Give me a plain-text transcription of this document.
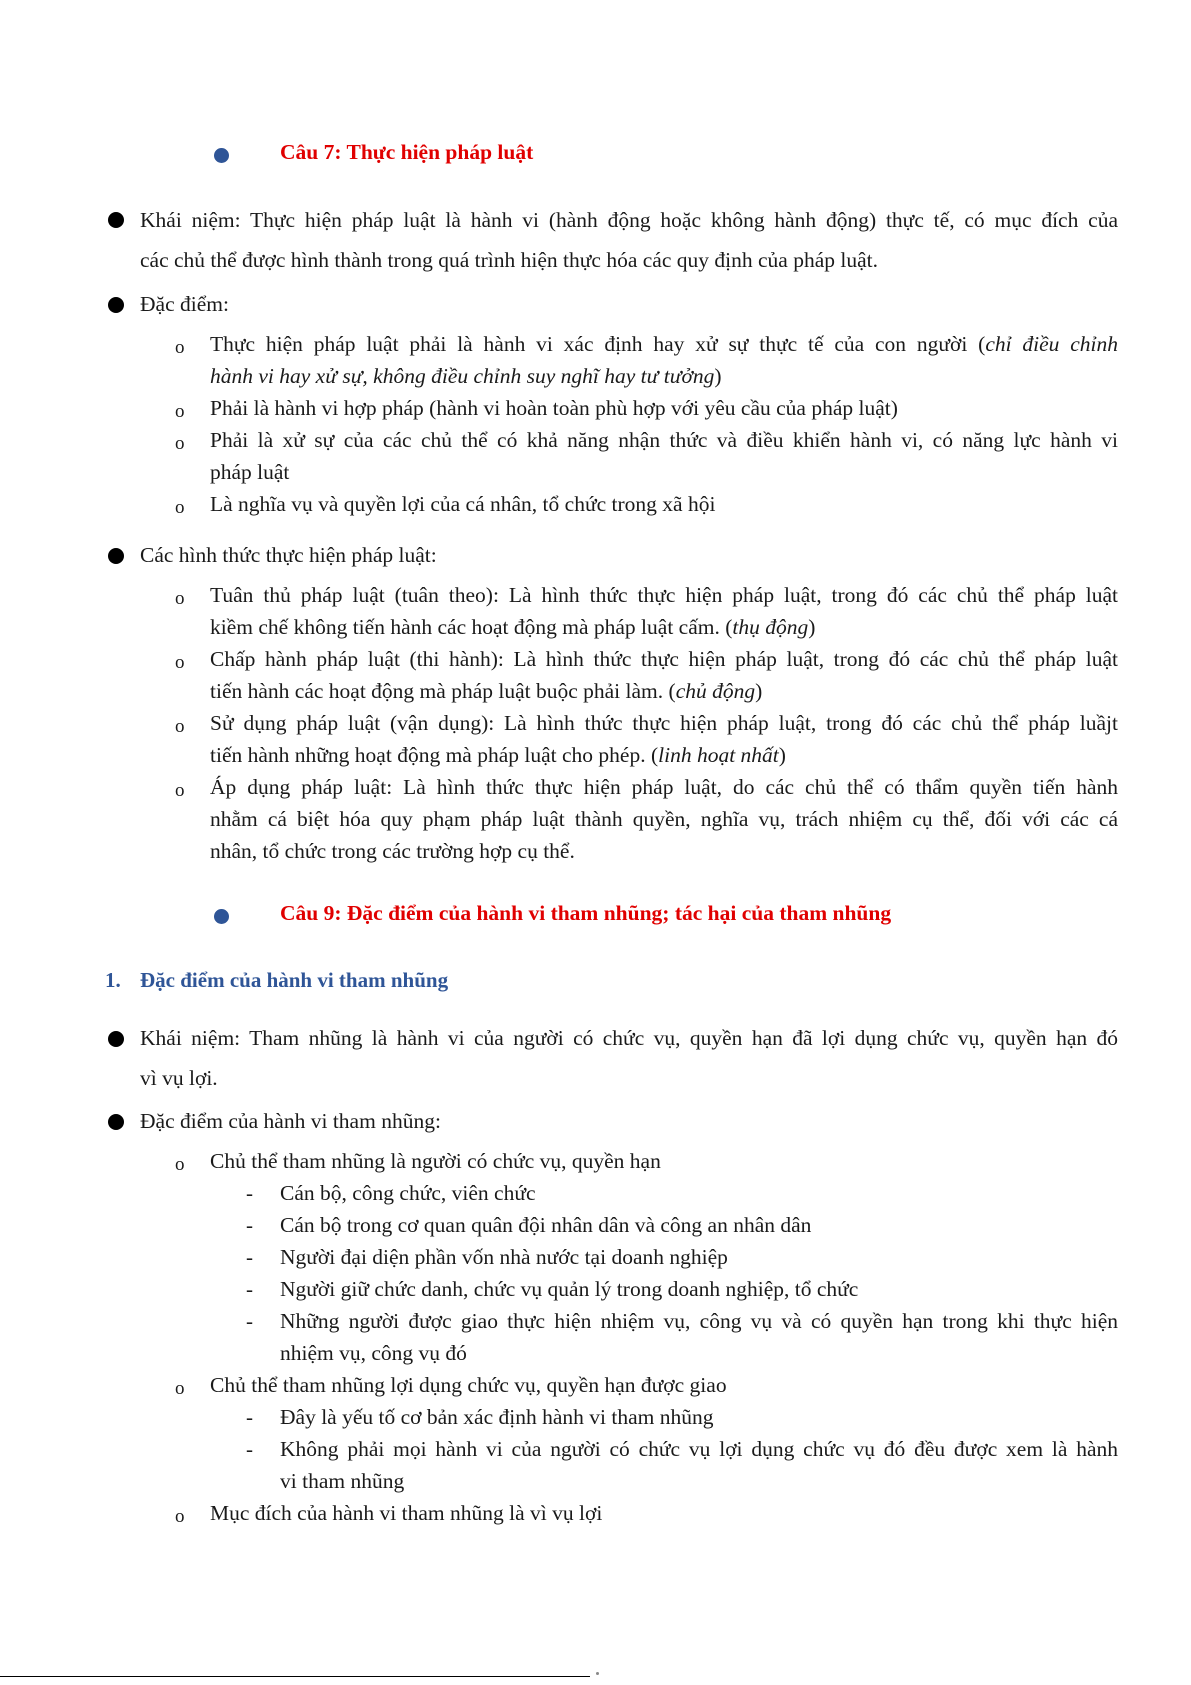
Câu 7: Thực hiện pháp luật
Khái niệm: Thực hiện pháp luật là hành vi (hành động hoặc không hành động) thực tế, có mục đích của
các chủ thể được hình thành trong quá trình hiện thực hóa các quy định của pháp luật.
Đặc điểm:
o Thực hiện pháp luật phải là hành vi xác định hay xử sự thực tế của con người (chỉ điều chỉnh
hành vi hay xử sự, không điều chỉnh suy nghĩ hay tư tưởng)
o Phải là hành vi hợp pháp (hành vi hoàn toàn phù hợp với yêu cầu của pháp luật)
o Phải là xử sự của các chủ thể có khả năng nhận thức và điều khiển hành vi, có năng lực hành vi
pháp luật
o Là nghĩa vụ và quyền lợi của cá nhân, tổ chức trong xã hội
Các hình thức thực hiện pháp luật:
o Tuân thủ pháp luật (tuân theo): Là hình thức thực hiện pháp luật, trong đó các chủ thể pháp luật
kiềm chế không tiến hành các hoạt động mà pháp luật cấm. (thụ động)
o Chấp hành pháp luật (thi hành): Là hình thức thực hiện pháp luật, trong đó các chủ thể pháp luật
tiến hành các hoạt động mà pháp luật buộc phải làm. (chủ động)
o Sử dụng pháp luật (vận dụng): Là hình thức thực hiện pháp luật, trong đó các chủ thể pháp luầjt
tiến hành những hoạt động mà pháp luật cho phép. (linh hoạt nhất)
o Áp dụng pháp luật: Là hình thức thực hiện pháp luật, do các chủ thể có thẩm quyền tiến hành
nhằm cá biệt hóa quy phạm pháp luật thành quyền, nghĩa vụ, trách nhiệm cụ thể, đối với các cá
nhân, tổ chức trong các trường hợp cụ thể.
Câu 9: Đặc điểm của hành vi tham nhũng; tác hại của tham nhũng
1. Đặc điểm của hành vi tham nhũng
Khái niệm: Tham nhũng là hành vi của người có chức vụ, quyền hạn đã lợi dụng chức vụ, quyền hạn đó
vì vụ lợi.
Đặc điểm của hành vi tham nhũng:
o Chủ thể tham nhũng là người có chức vụ, quyền hạn
- Cán bộ, công chức, viên chức
- Cán bộ trong cơ quan quân đội nhân dân và công an nhân dân
- Người đại diện phần vốn nhà nước tại doanh nghiệp
- Người giữ chức danh, chức vụ quản lý trong doanh nghiệp, tổ chức
- Những người được giao thực hiện nhiệm vụ, công vụ và có quyền hạn trong khi thực hiện
nhiệm vụ, công vụ đó
o Chủ thể tham nhũng lợi dụng chức vụ, quyền hạn được giao
- Đây là yếu tố cơ bản xác định hành vi tham nhũng
- Không phải mọi hành vi của người có chức vụ lợi dụng chức vụ đó đều được xem là hành
vi tham nhũng
o Mục đích của hành vi tham nhũng là vì vụ lợi
